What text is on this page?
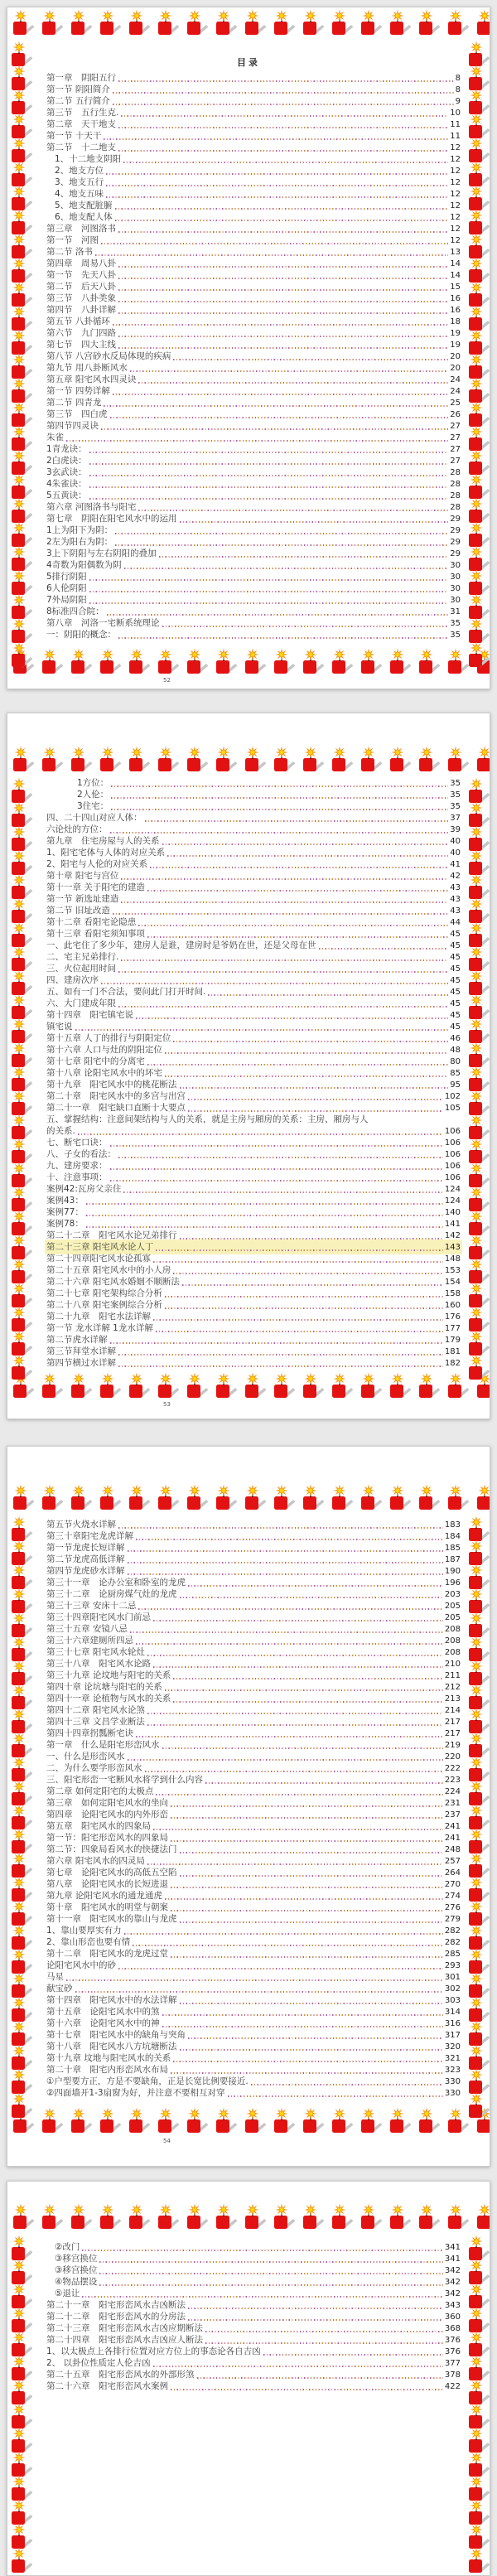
目录
第一章　阴阳五行	8
第一节 阴阳简介	8
第二节 五行简介	9
第三节　五行生克.	10
第二章　天干地支	11
第一节 十天干	11
第二节　十二地支	12
1、十二地支阴阳	12
2、地支方位	12
3、地支五行	12
4、地支五味	12
5、地支配脏腑	12
6、地支配人体	12
第三章　河图洛书	12
第一节　河图	12
第二节 洛书	13
第四章　周易八卦	14
第一节　先天八卦	14
第二节　后天八卦	15
第三节　八卦类象	16
第四节　八卦详解	16
第五节 八卦循环	18
第六节　九门四路	19
第七节　四大主线	19
第八节 八宫砂水反局体现的疾病	20
第九节 用八卦断风水	20
第五章 阳宅风水四灵诀	24
第一节 四势详解	24
第二节 四青龙	25
第三节　四白虎	26
第四节四灵诀	27
朱雀	27
1青龙诀：	27
2白虎诀：	27
3玄武诀：	28
4朱雀诀：	28
5五黄诀：	28
第六章 河图洛书与阳宅	28
第七章　阴阳在阳宅风水中的运用	29
1上为阳下为阴：	29
2左为阳右为阴：	29
3上下阴阳与左右阴阳的叠加	29
4奇数为阳偶数为阴	30
5排行阴阳	30
6人伦阴阳	30
7外局阴阳	30
8标准四合院：	31
第八章　河洛一宅断系统理论	35
一：阴阳的概念：	35
52
1方位：	35
2人伦：	35
3住宅：	35
四、二十四山对应人体：	37
六论灶的方位：	39
第九章　住宅房屋与人的关系	40
1、阳宅宅体与人体的对应关系	40
2、阳宅与人伦的对应关系	41
第十章 阳宅与宫位	42
第十一章 关于阳宅的建造	43
第一节 新选址建造	43
第二节 旧址改造	43
第十二章 看阳宅论隐患	44
第十三章 看阳宅须知事项	45
一、此宅住了多少年，建房人是谁，建房时是爷奶在世，还是父母在世	45
二、宅主兄弟排行.	45
三、火位起用时间	45
四、建房次序	45
五、如有一门不合法，要问此门打开时间.	45
六、大门建成年限	45
第十四章　阳宅镇宅说	45
镇宅说	45
第十五章 人丁的排行与阴阳定位	46
第十六章 人口与灶的阴阳定位	48
第十七章 阳宅中的分离宅	80
第十八章 论阳宅风水中的坏宅	85
第十九章　阳宅风水中的桃花断法	95
第二十章　阳宅风水中的多宫与出宫	102
第二十一章　阳宅缺口直断十大要点	105
五、掌握结构：注意间架结构与人的关系，就是主房与厢房的关系：主房、厢房与人
的关系.	106
七、断宅口诀：	106
八、子女的看法：	106
九、建房要求：	106
十、注意事项：	106
案例42:瓦房父亲住	124
案例43：	124
案例77：	140
案例78：	141
第二十二章　阳宅风水论兄弟排行	142
第二十三章 阳宅风水论人丁	143
第二十四章阳宅风水论孤寡	148
第二十五章 阳宅风水中的小人房	153
第二十六章 阳宅风水婚姻不顺断法	154
第二十七章 阳宅架构综合分析	158
第二十八章 阳宅案例综合分析	160
第二十九章　阳宅水法详解	176
第一节 龙水详解 1龙水详解	177
第二节虎水详解	179
第三节拜堂水详解	181
第四节横过水详解	182
53
第五节火烧水详解	183
第三十章阳宅龙虎详解	184
第一节龙虎长短详解	185
第二节龙虎高低详解	187
第四节龙虎砂水详解	190
第三十一章　论办公室和卧室的龙虎	196
第三十二章　论厨房煤气灶的龙虎	203
第三十三章 安床十二忌	205
第三十四章阳宅风水门前忌	205
第三十五章 安镜八忌	208
第三十六章建厕所四忌	208
第三十七章 阳宅风水轮灶	208
第三十八章　阳宅风水论路	210
第三十九章 论坟地与阳宅的关系	211
第四十章 论坑塘与阳宅的关系	212
第四十一章 论植物与风水的关系	213
第四十二章 阳宅风水论煞	214
第四十三章 文昌学业断法	217
第四十四章拐瓢断宅诀	217
第一章　什么是阳宅形峦风水	219
一、什么是形峦风水	220
二、为什么要学形峦风水	222
三、阳宅形峦一宅断风水将学到什么内容	223
第二章 如何定阳宅的太极点	224
第三章　如何定阳宅风水的坐向	231
第四章　论阳宅风水的内外形峦	237
第五章　阳宅风水的四象局	241
第一节：阳宅形峦风水的四象局	241
第二节：四象局看风水的快捷法门	248
第六章 阳宅风水的四灵局	257
第七章　论阳宅风水的高低五空陷	264
第八章　论阳宅风水的长短进退	270
第九章 论阳宅风水的通龙通虎	274
第十章　阳宅风水的明堂与朝案	276
第十一章　阳宅风水的靠山与龙虎	279
1、靠山要厚实有力	282
2、靠山形峦也要有情	282
第十二章　阳宅风水的龙虎过堂	285
论阳宅风水中的砂	293
马星	301
献宝砂	302
第十四章　阳宅风水中的水法详解	303
第十五章　论阳宅风水中的煞	314
第十六章　论阳宅风水中的神	316
第十七章　阳宅风水中的缺角与突角	317
第十八章　阳宅风水八方坑塘断法	320
第十九章 坟地与阳宅风水的关系	321
第二十章　阳宅内形峦风水布局	323
①户型要方正，方是不要缺角，正是长宽比例要接近.	330
②四面墙开1-3扇窗为好，并注意不要相互对穿	330
54
②改门	341
③移宫换位	341
③移宫换位	342
④物品摆设	342
⑤退让	342
第二十一章　阳宅形峦风水吉凶断法	343
第二十二章　阳宅形峦风水的分房法	360
第二十三章　阳宅形峦风水吉凶应期断法	368
第二十四章　阳宅形峦风水吉凶应人断法	376
1、以太极点上各排行位置对应方位上的事态论各自吉凶	376
2、 以卦位性质定人伦吉凶	377
第二十五章　阳宅形峦风水的外部形煞	378
第二十六章　阳宅形峦风水案例	422
